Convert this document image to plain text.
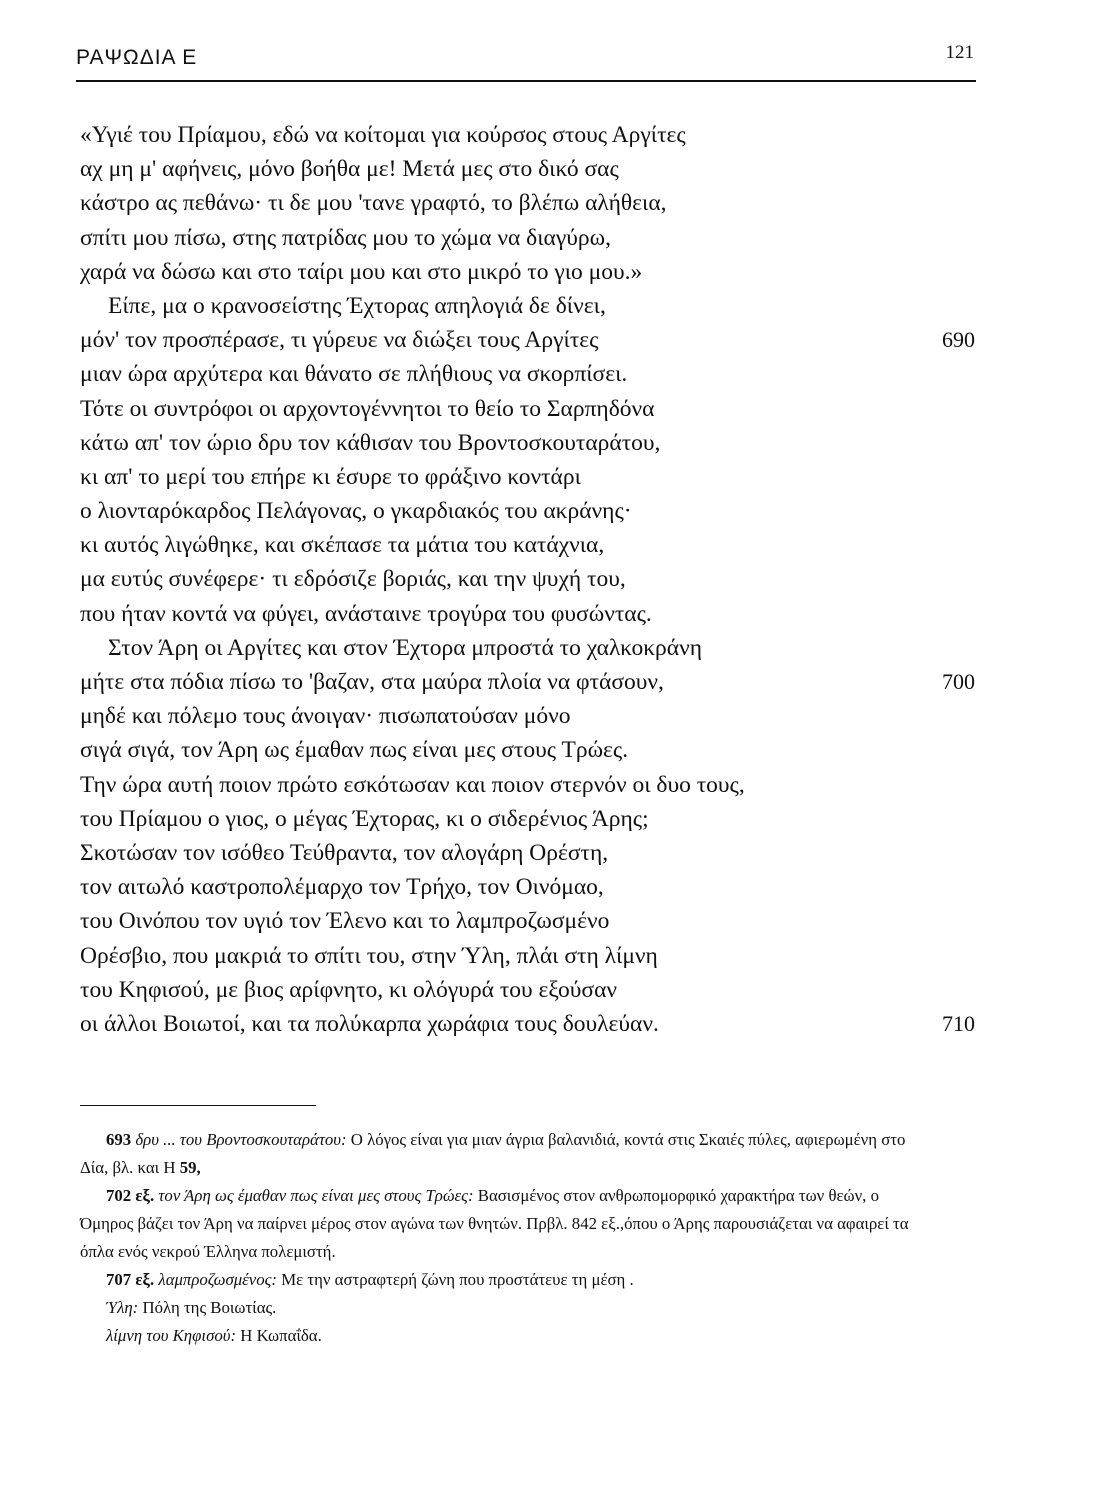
ΡΑΨΩΔΙΑ Ε	121
«Υγιέ του Πρίαμου, εδώ να κοίτομαι για κούρσος στους Αργίτες
αχ μη μ' αφήνεις, μόνο βοήθα με! Μετά μες στο δικό σας
κάστρο ας πεθάνω· τι δε μου 'τανε γραφτό, το βλέπω αλήθεια,
σπίτι μου πίσω, στης πατρίδας μου το χώμα να διαγύρω,
χαρά να δώσω και στο ταίρι μου και στο μικρό το γιο μου.»
Είπε, μα ο κρανοσείστης Έχτορας απηλογιά δε δίνει,
μόν' τον προσπέρασε, τι γύρευε να διώξει τους Αργίτες	690
μιαν ώρα αρχύτερα και θάνατο σε πλήθιους να σκορπίσει.
Τότε οι συντρόφοι οι αρχοντογέννητοι το θείο το Σαρπηδόνα
κάτω απ' τον ώριο δρυ τον κάθισαν του Βροντοσκουταράτου,
κι απ' το μερί του επήρε κι έσυρε το φράξινο κοντάρι
ο λιονταρόκαρδος Πελάγονας, ο γκαρδιακός του ακράνης·
κι αυτός λιγώθηκε, και σκέπασε τα μάτια του κατάχνια,
μα ευτύς συνέφερε· τι εδρόσιζε βοριάς, και την ψυχή του,
που ήταν κοντά να φύγει, ανάσταινε τρογύρα του φυσώντας.
Στον Άρη οι Αργίτες και στον Έχτορα μπροστά το χαλκοκράνη
μήτε στα πόδια πίσω το 'βαζαν, στα μαύρα πλοία να φτάσουν,	700
μηδέ και πόλεμο τους άνοιγαν· πισωπατούσαν μόνο
σιγά σιγά, τον Άρη ως έμαθαν πως είναι μες στους Τρώες.
Την ώρα αυτή ποιον πρώτο εσκότωσαν και ποιον στερνόν οι δυο τους,
του Πρίαμου ο γιος, ο μέγας Έχτορας, κι ο σιδερένιος Άρης;
Σκοτώσαν τον ισόθεο Τεύθραντα, τον αλογάρη Ορέστη,
τον αιτωλό καστροπολέμαρχο τον Τρήχο, τον Οινόμαο,
του Οινόπου τον υγιό τον Έλενο και το λαμπροζωσμένο
Ορέσβιο, που μακριά το σπίτι του, στην Ύλη, πλάι στη λίμνη
του Κηφισού, με βιος αρίφνητο, κι ολόγυρά του εξούσαν
οι άλλοι Βοιωτοί, και τα πολύκαρπα χωράφια τους δουλεύαν.	710
693 δρυ ... του Βροντοσκουταράτου: Ο λόγος είναι για μιαν άγρια βαλανιδιά, κοντά στις Σκαιές πύλες, αφιερωμένη στο Δία, βλ. και Η 59,
702 εξ. τον Άρη ως έμαθαν πως είναι μες στους Τρώες: Βασισμένος στον ανθρωπομορφικό χαρακτήρα των θεών, ο Όμηρος βάζει τον Άρη να παίρνει μέρος στον αγώνα των θνητών. Πρβλ. 842 εξ.,όπου ο Άρης παρουσιάζεται να αφαιρεί τα όπλα ενός νεκρού Έλληνα πολεμιστή.
707 εξ. λαμπροζωσμένος: Με την αστραφτερή ζώνη που προστάτευε τη μέση .
Ύλη: Πόλη της Βοιωτίας.
λίμνη του Κηφισού: Η Κωπαΐδα.
